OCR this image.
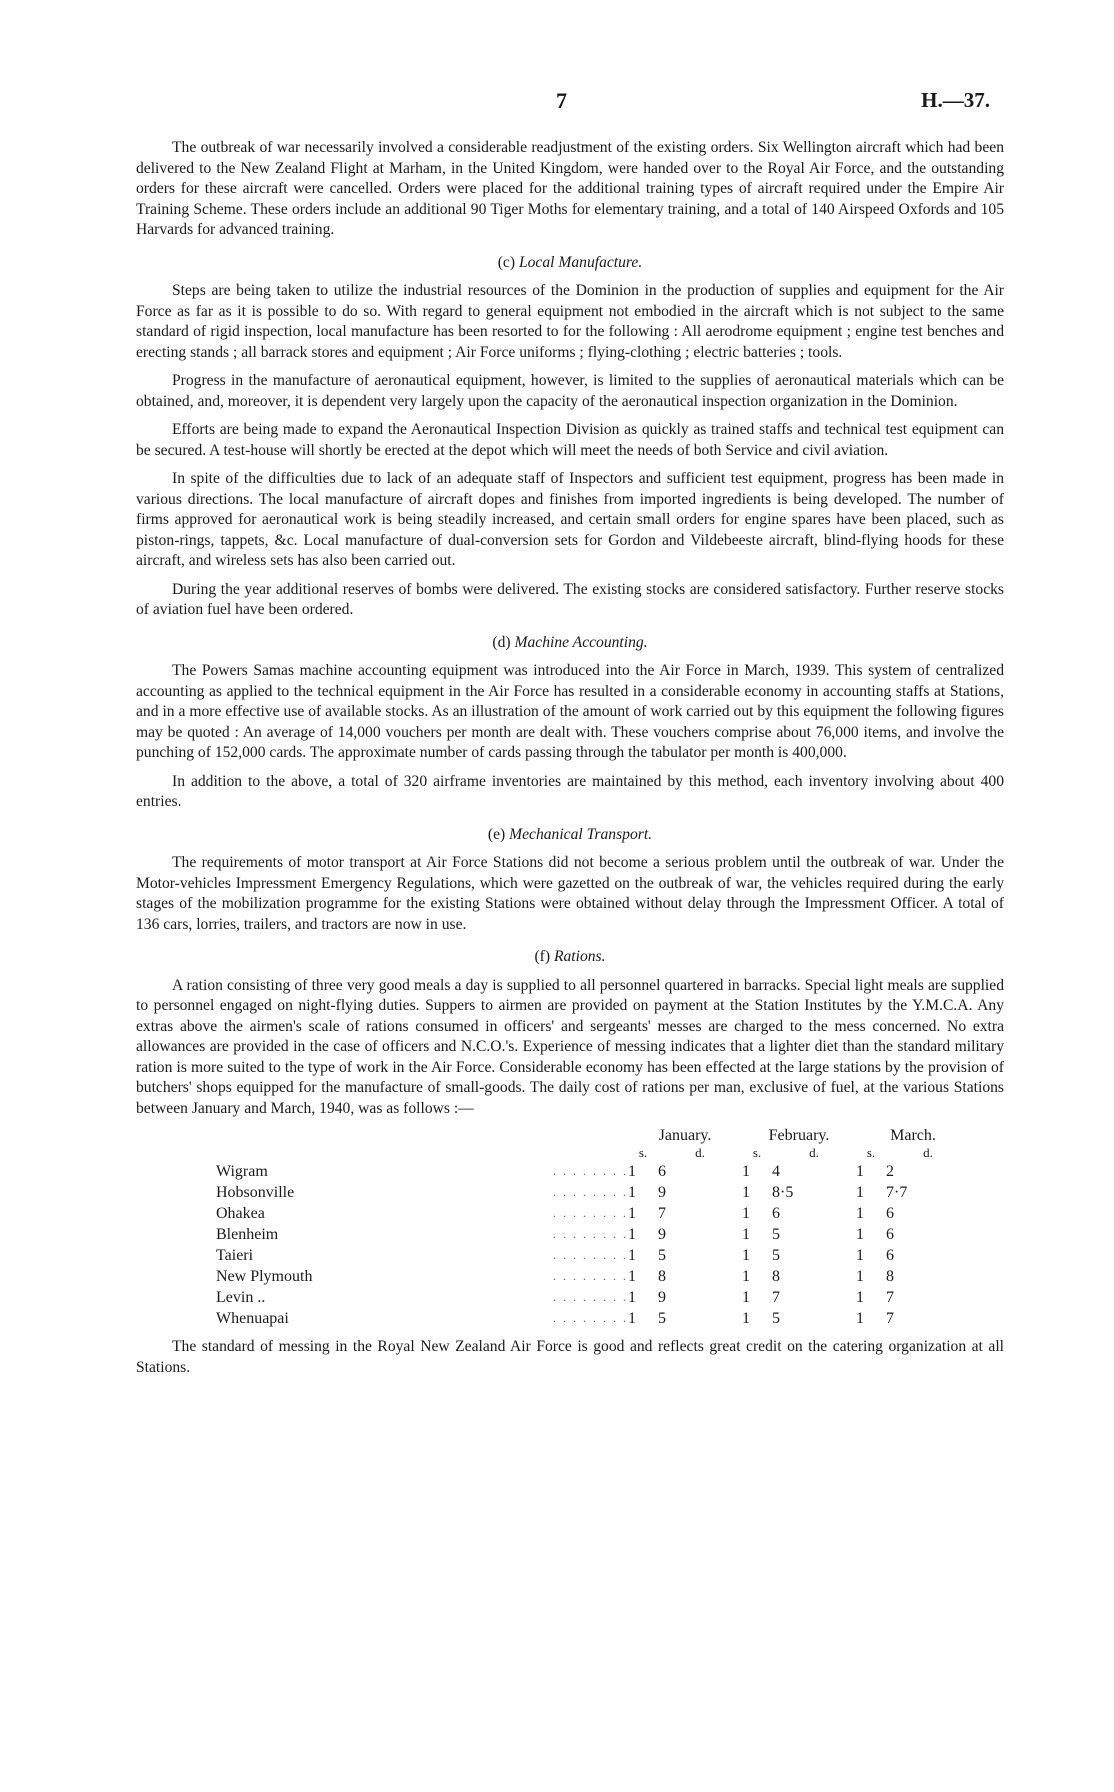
7	H.—37.

The outbreak of war necessarily involved a considerable readjustment of the existing orders. Six Wellington aircraft which had been delivered to the New Zealand Flight at Marham, in the United Kingdom, were handed over to the Royal Air Force, and the outstanding orders for these aircraft were cancelled. Orders were placed for the additional training types of aircraft required under the Empire Air Training Scheme. These orders include an additional 90 Tiger Moths for elementary training, and a total of 140 Airspeed Oxfords and 105 Harvards for advanced training.

(c) Local Manufacture.

Steps are being taken to utilize the industrial resources of the Dominion in the production of supplies and equipment for the Air Force as far as it is possible to do so. With regard to general equipment not embodied in the aircraft which is not subject to the same standard of rigid inspection, local manufacture has been resorted to for the following : All aerodrome equipment ; engine test benches and erecting stands ; all barrack stores and equipment ; Air Force uniforms ; flying-clothing ; electric batteries ; tools.

Progress in the manufacture of aeronautical equipment, however, is limited to the supplies of aeronautical materials which can be obtained, and, moreover, it is dependent very largely upon the capacity of the aeronautical inspection organization in the Dominion.

Efforts are being made to expand the Aeronautical Inspection Division as quickly as trained staffs and technical test equipment can be secured. A test-house will shortly be erected at the depot which will meet the needs of both Service and civil aviation.

In spite of the difficulties due to lack of an adequate staff of Inspectors and sufficient test equipment, progress has been made in various directions. The local manufacture of aircraft dopes and finishes from imported ingredients is being developed. The number of firms approved for aeronautical work is being steadily increased, and certain small orders for engine spares have been placed, such as piston-rings, tappets, &c. Local manufacture of dual-conversion sets for Gordon and Vildebeeste aircraft, blind-flying hoods for these aircraft, and wireless sets has also been carried out.

During the year additional reserves of bombs were delivered. The existing stocks are considered satisfactory. Further reserve stocks of aviation fuel have been ordered.

(d) Machine Accounting.

The Powers Samas machine accounting equipment was introduced into the Air Force in March, 1939. This system of centralized accounting as applied to the technical equipment in the Air Force has resulted in a considerable economy in accounting staffs at Stations, and in a more effective use of available stocks. As an illustration of the amount of work carried out by this equipment the following figures may be quoted : An average of 14,000 vouchers per month are dealt with. These vouchers comprise about 76,000 items, and involve the punching of 152,000 cards. The approximate number of cards passing through the tabulator per month is 400,000.

In addition to the above, a total of 320 airframe inventories are maintained by this method, each inventory involving about 400 entries.

(e) Mechanical Transport.

The requirements of motor transport at Air Force Stations did not become a serious problem until the outbreak of war. Under the Motor-vehicles Impressment Emergency Regulations, which were gazetted on the outbreak of war, the vehicles required during the early stages of the mobilization programme for the existing Stations were obtained without delay through the Impressment Officer. A total of 136 cars, lorries, trailers, and tractors are now in use.

(f) Rations.

A ration consisting of three very good meals a day is supplied to all personnel quartered in barracks. Special light meals are supplied to personnel engaged on night-flying duties. Suppers to airmen are provided on payment at the Station Institutes by the Y.M.C.A. Any extras above the airmen's scale of rations consumed in officers' and sergeants' messes are charged to the mess concerned. No extra allowances are provided in the case of officers and N.C.O.'s. Experience of messing indicates that a lighter diet than the standard military ration is more suited to the type of work in the Air Force. Considerable economy has been effected at the large stations by the provision of butchers' shops equipped for the manufacture of small-goods. The daily cost of rations per man, exclusive of fuel, at the various Stations between January and March, 1940, was as follows :—

		January.		February.		March.	
		s.	d.	s.	d.	s.	d.
Wigram	. . . . . . . .	1	6	1	4	1	2
Hobsonville	. . . . . . . .	1	9	1	8·5	1	7·7
Ohakea	. . . . . . . .	1	7	1	6	1	6
Blenheim	. . . . . . . .	1	9	1	5	1	6
Taieri	. . . . . . . .	1	5	1	5	1	6
New Plymouth	. . . . . . . .	1	8	1	8	1	8
Levin ..	. . . . . . . .	1	9	1	7	1	7
Whenuapai	. . . . . . . .	1	5	1	5	1	7

The standard of messing in the Royal New Zealand Air Force is good and reflects great credit on the catering organization at all Stations.
